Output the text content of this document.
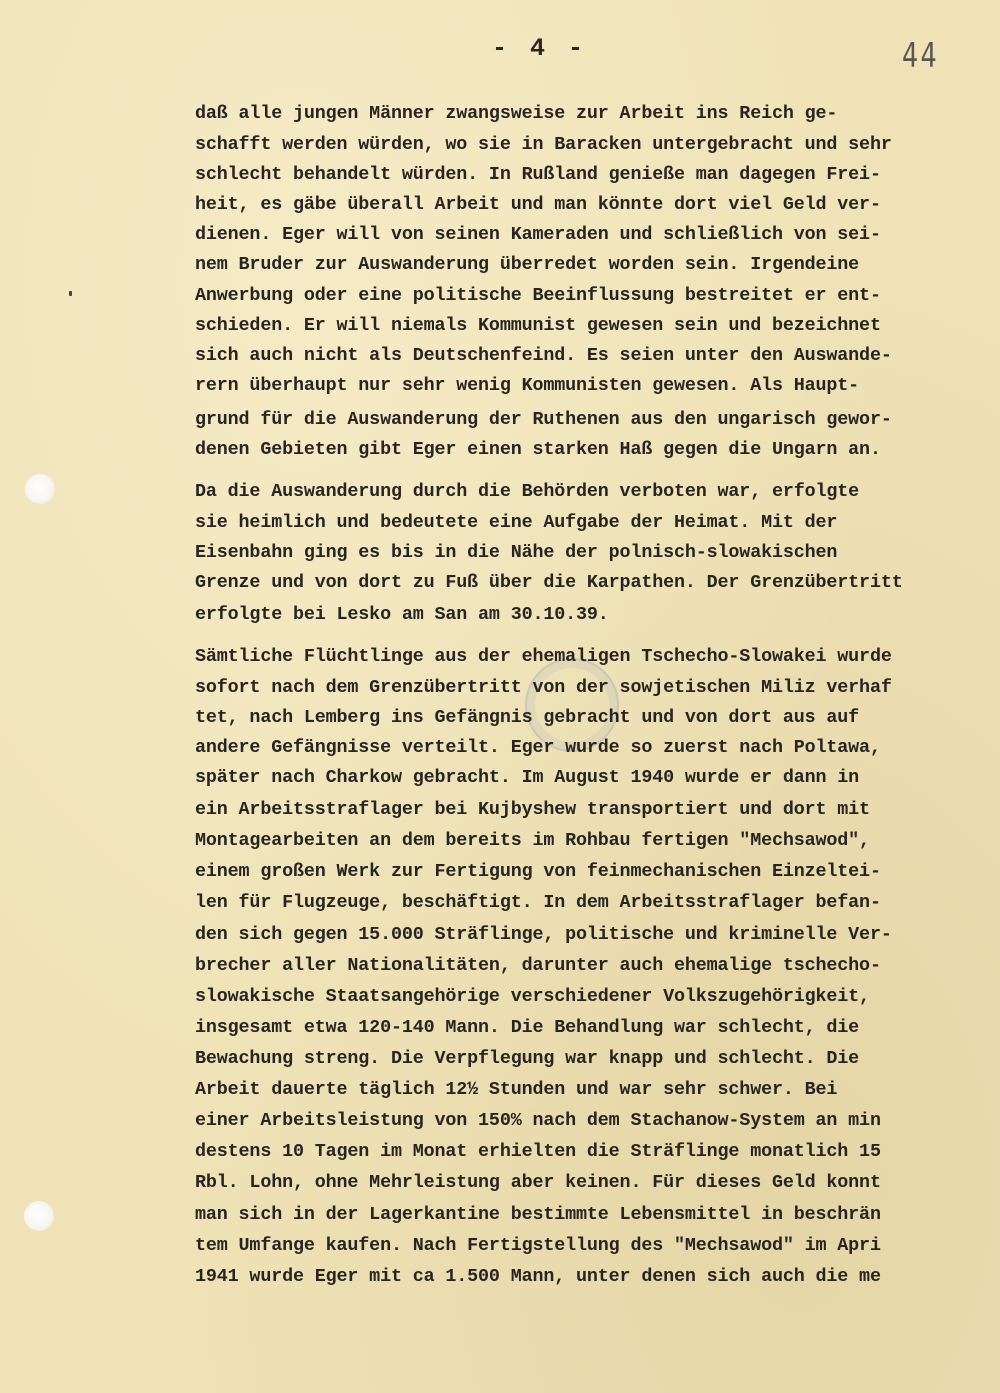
- 4 -	44
daß alle jungen Männer zwangsweise zur Arbeit ins Reich ge-
schafft werden würden, wo sie in Baracken untergebracht und sehr
schlecht behandelt würden. In Rußland genieße man dagegen Frei-
heit, es gäbe überall Arbeit und man könnte dort viel Geld ver-
dienen. Eger will von seinen Kameraden und schließlich von sei-
nem Bruder zur Auswanderung überredet worden sein. Irgendeine
Anwerbung oder eine politische Beeinflussung bestreitet er ent-
schieden. Er will niemals Kommunist gewesen sein und bezeichnet
sich auch nicht als Deutschenfeind. Es seien unter den Auswande-
rern überhaupt nur sehr wenig Kommunisten gewesen. Als Haupt-
grund für die Auswanderung der Ruthenen aus den ungarisch gewor-
denen Gebieten gibt Eger einen starken Haß gegen die Ungarn an.
Da die Auswanderung durch die Behörden verboten war, erfolgte
sie heimlich und bedeutete eine Aufgabe der Heimat. Mit der
Eisenbahn ging es bis in die Nähe der polnisch-slowakischen
Grenze und von dort zu Fuß über die Karpathen. Der Grenzübertritt
erfolgte bei Lesko am San am 30.10.39.
Sämtliche Flüchtlinge aus der ehemaligen Tschecho-Slowakei wurde
sofort nach dem Grenzübertritt von der sowjetischen Miliz verhaf
tet, nach Lemberg ins Gefängnis gebracht und von dort aus auf
andere Gefängnisse verteilt. Eger wurde so zuerst nach Poltawa,
später nach Charkow gebracht. Im August 1940 wurde er dann in
ein Arbeitsstraflager bei Kujbyshew transportiert und dort mit
Montagearbeiten an dem bereits im Rohbau fertigen "Mechsawod",
einem großen Werk zur Fertigung von feinmechanischen Einzeltei-
len für Flugzeuge, beschäftigt. In dem Arbeitsstraflager befan-
den sich gegen 15.000 Sträflinge, politische und kriminelle Ver-
brecher aller Nationalitäten, darunter auch ehemalige tschecho-
slowakische Staatsangehörige verschiedener Volkszugehörigkeit,
insgesamt etwa 120-140 Mann. Die Behandlung war schlecht, die
Bewachung streng. Die Verpflegung war knapp und schlecht. Die
Arbeit dauerte täglich 12½ Stunden und war sehr schwer. Bei
einer Arbeitsleistung von 150% nach dem Stachanow-System an min
destens 10 Tagen im Monat erhielten die Sträflinge monatlich 15
Rbl. Lohn, ohne Mehrleistung aber keinen. Für dieses Geld konnt
man sich in der Lagerkantine bestimmte Lebensmittel in beschrän
tem Umfange kaufen. Nach Fertigstellung des "Mechsawod" im Apri
1941 wurde Eger mit ca 1.500 Mann, unter denen sich auch die me
